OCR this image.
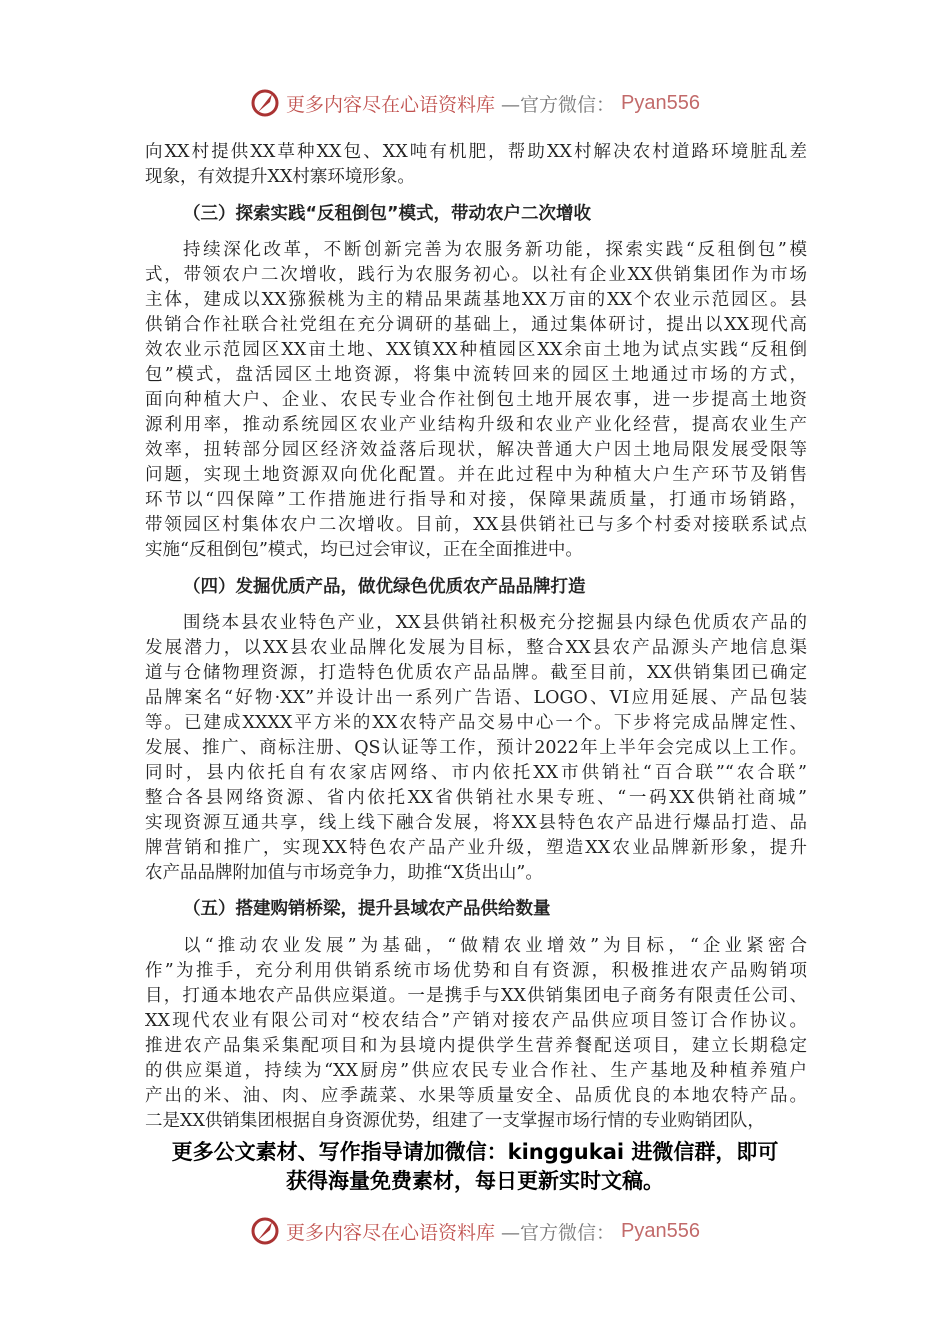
更多内容尽在心语资料库 —官方微信： Pyan556
向XX村提供XX草种XX包、XX吨有机肥，帮助XX村解决农村道路环境脏乱差
现象，有效提升XX村寨环境形象。
（三）探索实践“反租倒包”模式，带动农户二次增收
持续深化改革，不断创新完善为农服务新功能，探索实践“反租倒包”模
式，带领农户二次增收，践行为农服务初心。以社有企业XX供销集团作为市场
主体，建成以XX猕猴桃为主的精品果蔬基地XX万亩的XX个农业示范园区。县
供销合作社联合社党组在充分调研的基础上，通过集体研讨，提出以XX现代高
效农业示范园区XX亩土地、XX镇XX种植园区XX余亩土地为试点实践“反租倒
包”模式，盘活园区土地资源，将集中流转回来的园区土地通过市场的方式，
面向种植大户、企业、农民专业合作社倒包土地开展农事，进一步提高土地资
源利用率，推动系统园区农业产业结构升级和农业产业化经营，提高农业生产
效率，扭转部分园区经济效益落后现状，解决普通大户因土地局限发展受限等
问题，实现土地资源双向优化配置。并在此过程中为种植大户生产环节及销售
环节以“四保障”工作措施进行指导和对接，保障果蔬质量，打通市场销路，
带领园区村集体农户二次增收。目前，XX县供销社已与多个村委对接联系试点
实施“反租倒包”模式，均已过会审议，正在全面推进中。
（四）发掘优质产品，做优绿色优质农产品品牌打造
围绕本县农业特色产业，XX县供销社积极充分挖掘县内绿色优质农产品的
发展潜力，以XX县农业品牌化发展为目标，整合XX县农产品源头产地信息渠
道与仓储物理资源，打造特色优质农产品品牌。截至目前，XX供销集团已确定
品牌案名“好物·XX”并设计出一系列广告语、LOGO、VI应用延展、产品包装
等。已建成XXXX平方米的XX农特产品交易中心一个。下步将完成品牌定性、
发展、推广、商标注册、QS认证等工作，预计2022年上半年会完成以上工作。
同时，县内依托自有农家店网络、市内依托XX市供销社“百合联”“农合联”
整合各县网络资源、省内依托XX省供销社水果专班、“一码XX供销社商城”
实现资源互通共享，线上线下融合发展，将XX县特色农产品进行爆品打造、品
牌营销和推广，实现XX特色农产品产业升级，塑造XX农业品牌新形象，提升
农产品品牌附加值与市场竞争力，助推“X货出山”。
（五）搭建购销桥梁，提升县域农产品供给数量
以“推动农业发展”为基础，“做精农业增效”为目标，“企业紧密合
作”为推手，充分利用供销系统市场优势和自有资源，积极推进农产品购销项
目，打通本地农产品供应渠道。一是携手与XX供销集团电子商务有限责任公司、
XX现代农业有限公司对“校农结合”产销对接农产品供应项目签订合作协议。
推进农产品集采集配项目和为县境内提供学生营养餐配送项目，建立长期稳定
的供应渠道，持续为“XX厨房”供应农民专业合作社、生产基地及种植养殖户
产出的米、油、肉、应季蔬菜、水果等质量安全、品质优良的本地农特产品。
二是XX供销集团根据自身资源优势，组建了一支掌握市场行情的专业购销团队，
更多公文素材、写作指导请加微信：kinggukai 进微信群，即可
获得海量免费素材，每日更新实时文稿。
更多内容尽在心语资料库 —官方微信： Pyan556
